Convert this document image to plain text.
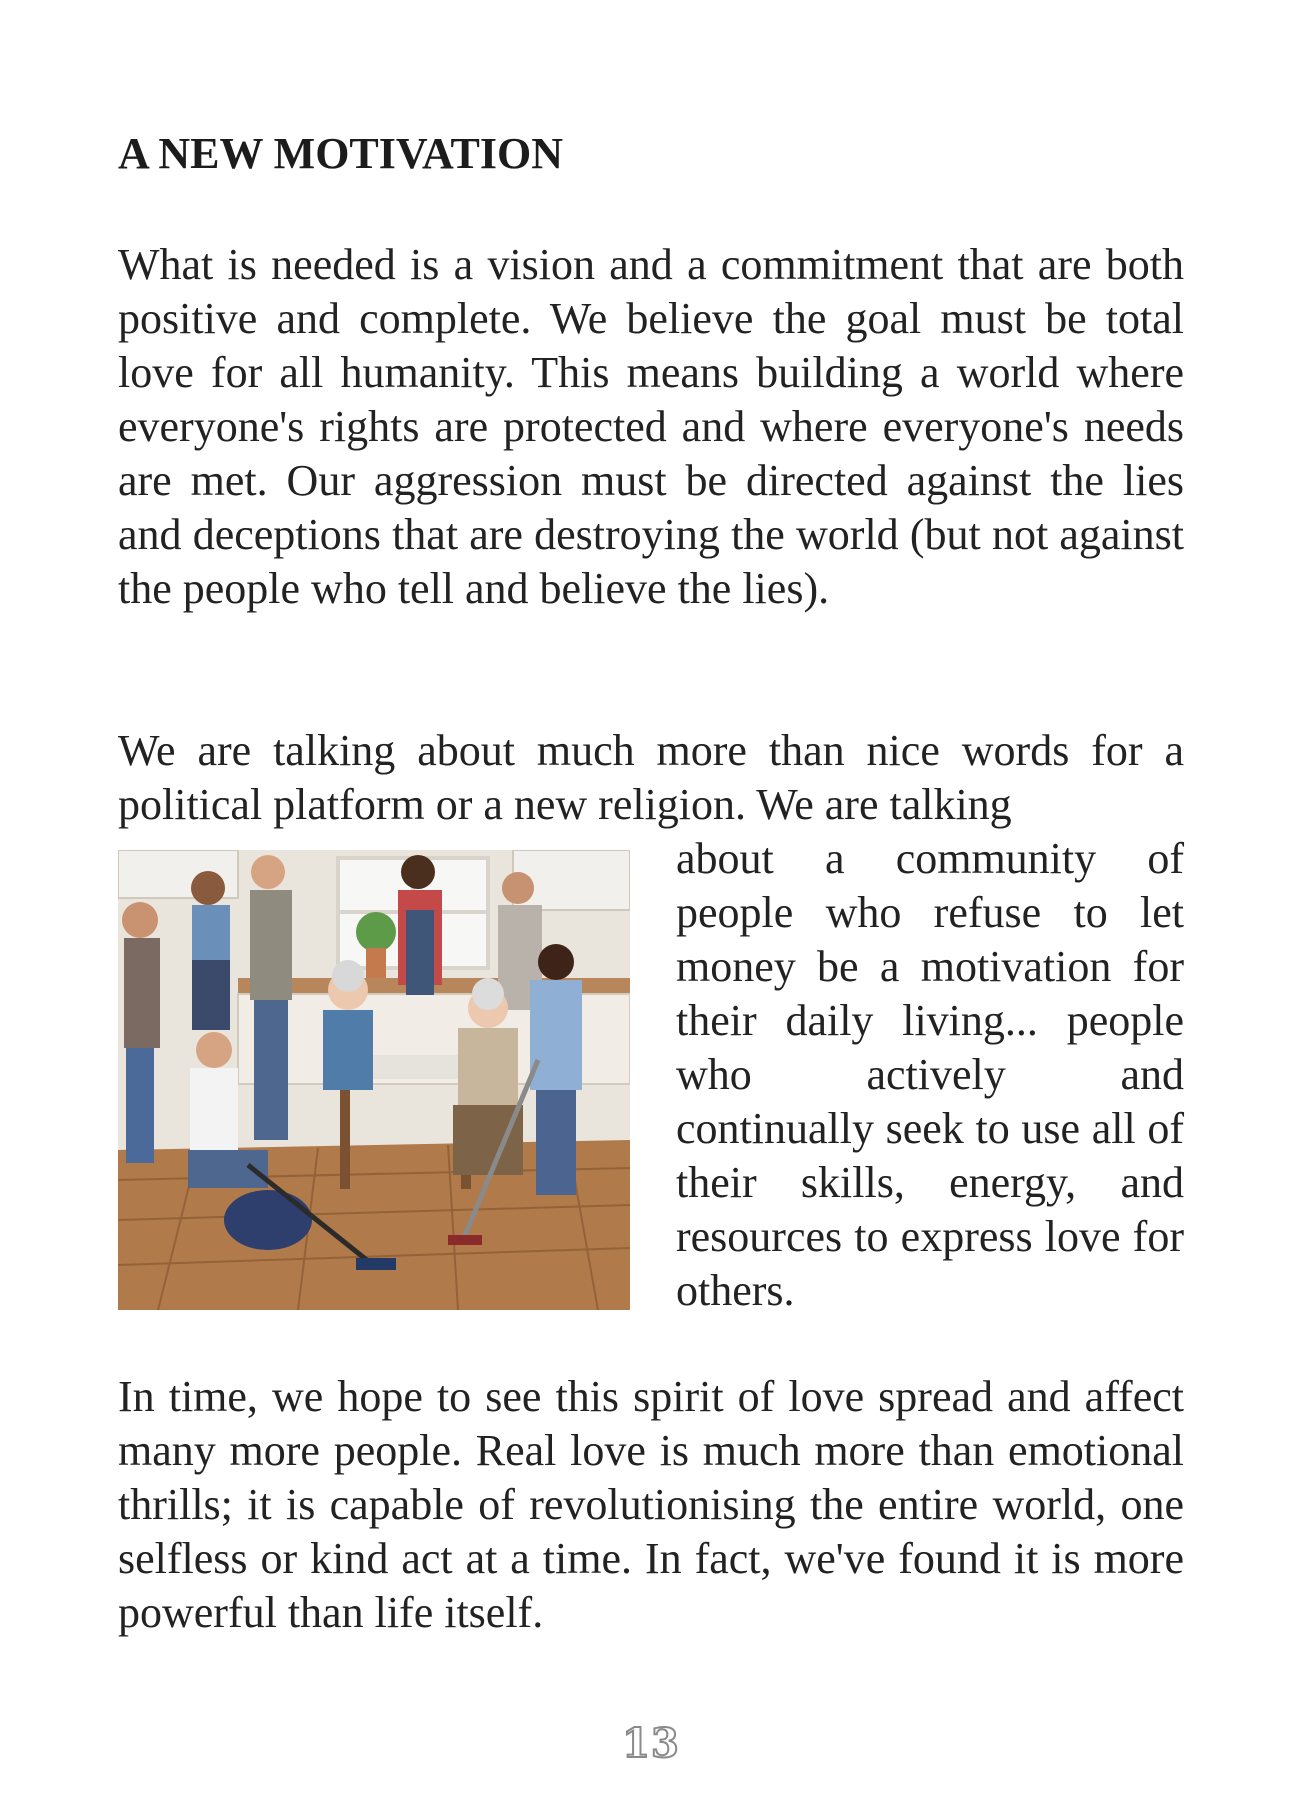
A NEW MOTIVATION

What is needed is a vision and a commitment that are both positive and complete. We believe the goal must be total love for all humanity. This means building a world where everyone's rights are protected and where everyone's needs are met. Our aggression must be directed against the lies and deceptions that are destroying the world (but not against the people who tell and believe the lies).

We are talking about much more than nice words for a political platform or a new religion. We are talking

about a community of people who refuse to let money be a motivation for their daily living... people who actively and continually seek to use all of their skills, energy, and resources to express love for others.

In time, we hope to see this spirit of love spread and affect many more people. Real love is much more than emotional thrills; it is capable of revolutionising the entire world, one selfless or kind act at a time. In fact, we've found it is more powerful than life itself.

13
